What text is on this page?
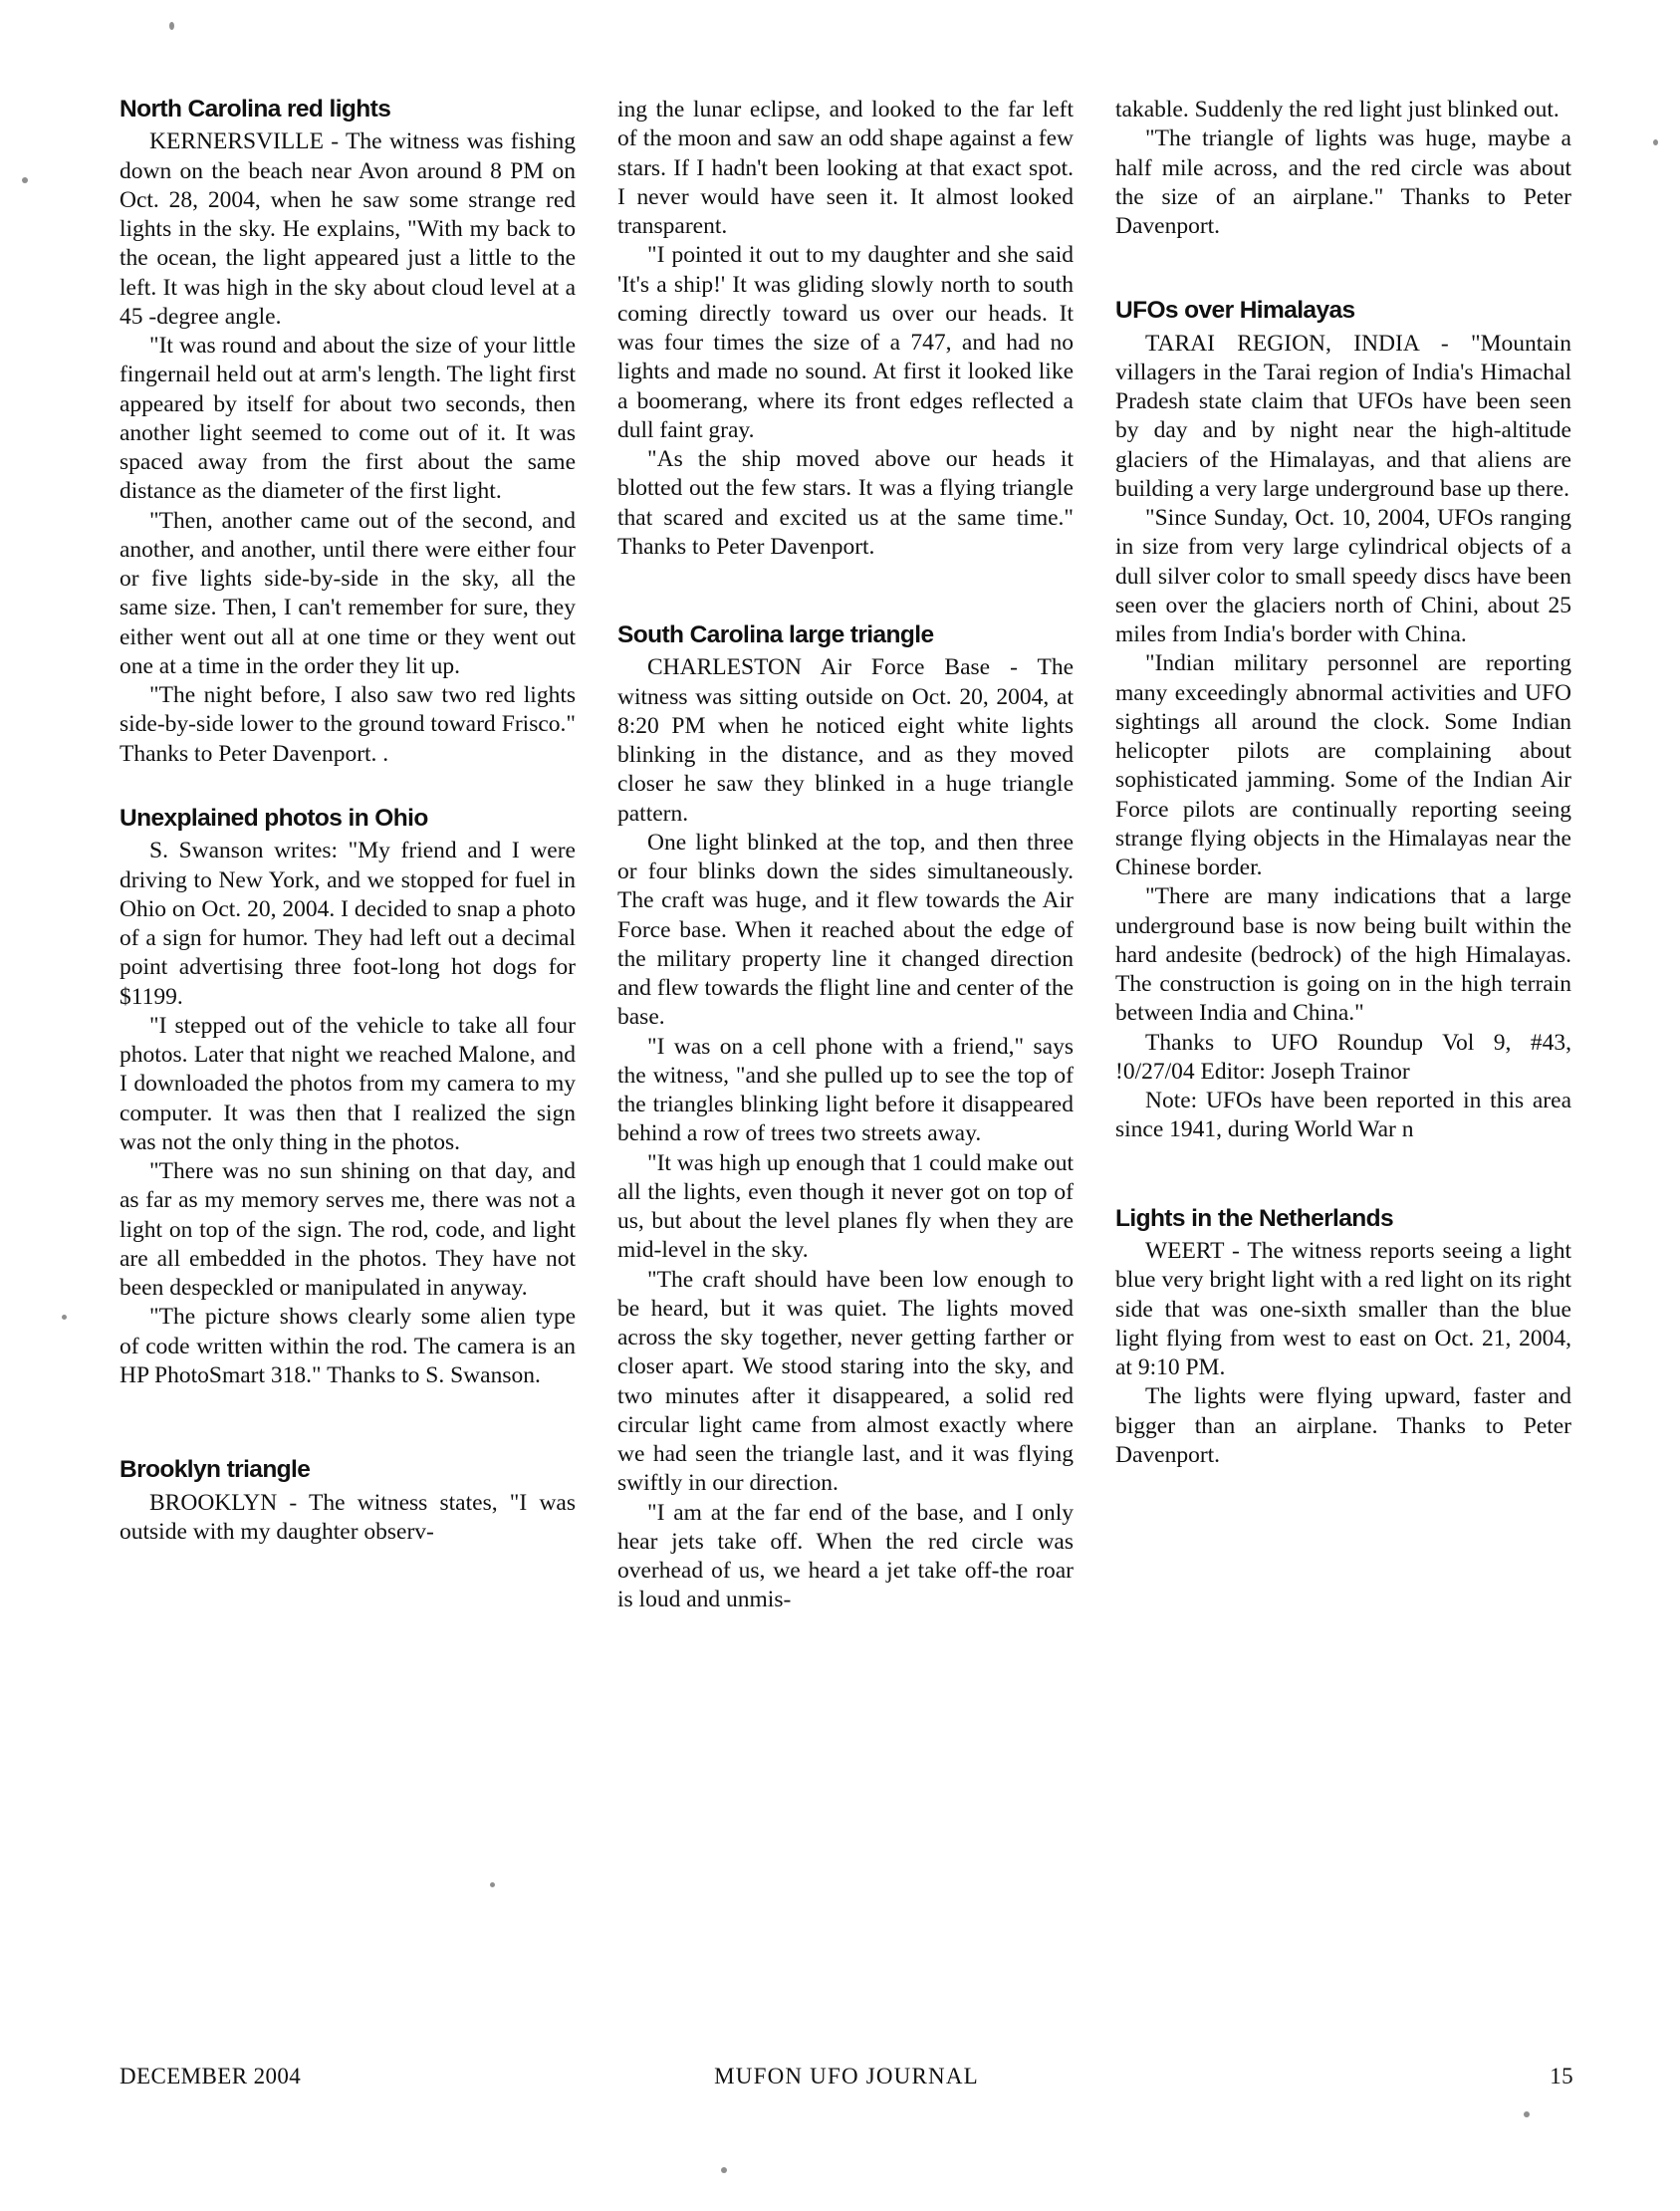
North Carolina red lights

KERNERSVILLE - The witness was fishing down on the beach near Avon around 8 PM on Oct. 28, 2004, when he saw some strange red lights in the sky. He explains, "With my back to the ocean, the light appeared just a little to the left. It was high in the sky about cloud level at a 45 -degree angle.

"It was round and about the size of your little fingernail held out at arm's length. The light first appeared by itself for about two seconds, then another light seemed to come out of it. It was spaced away from the first about the same distance as the diameter of the first light.

"Then, another came out of the second, and another, and another, until there were either four or five lights side-by-side in the sky, all the same size. Then, I can't remember for sure, they either went out all at one time or they went out one at a time in the order they lit up.

"The night before, I also saw two red lights side-by-side lower to the ground toward Frisco." Thanks to Peter Davenport. .

Unexplained photos in Ohio

S. Swanson writes: "My friend and I were driving to New York, and we stopped for fuel in Ohio on Oct. 20, 2004. I decided to snap a photo of a sign for humor. They had left out a decimal point advertising three foot-long hot dogs for $1199.

"I stepped out of the vehicle to take all four photos. Later that night we reached Malone, and I downloaded the photos from my camera to my computer. It was then that I realized the sign was not the only thing in the photos.

"There was no sun shining on that day, and as far as my memory serves me, there was not a light on top of the sign. The rod, code, and light are all embedded in the photos. They have not been despeckled or manipulated in anyway.

"The picture shows clearly some alien type of code written within the rod. The camera is an HP PhotoSmart 318." Thanks to S. Swanson.

Brooklyn triangle

BROOKLYN - The witness states, "I was outside with my daughter observ-

ing the lunar eclipse, and looked to the far left of the moon and saw an odd shape against a few stars. If I hadn't been looking at that exact spot. I never would have seen it. It almost looked transparent.

"I pointed it out to my daughter and she said 'It's a ship!' It was gliding slowly north to south coming directly toward us over our heads. It was four times the size of a 747, and had no lights and made no sound. At first it looked like a boomerang, where its front edges reflected a dull faint gray.

"As the ship moved above our heads it blotted out the few stars. It was a flying triangle that scared and excited us at the same time." Thanks to Peter Davenport.

South Carolina large triangle

CHARLESTON Air Force Base - The witness was sitting outside on Oct. 20, 2004, at 8:20 PM when he noticed eight white lights blinking in the distance, and as they moved closer he saw they blinked in a huge triangle pattern.

One light blinked at the top, and then three or four blinks down the sides simultaneously. The craft was huge, and it flew towards the Air Force base. When it reached about the edge of the military property line it changed direction and flew towards the flight line and center of the base.

"I was on a cell phone with a friend," says the witness, "and she pulled up to see the top of the triangles blinking light before it disappeared behind a row of trees two streets away.

"It was high up enough that 1 could make out all the lights, even though it never got on top of us, but about the level planes fly when they are mid-level in the sky.

"The craft should have been low enough to be heard, but it was quiet. The lights moved across the sky together, never getting farther or closer apart. We stood staring into the sky, and two minutes after it disappeared, a solid red circular light came from almost exactly where we had seen the triangle last, and it was flying swiftly in our direction.

"I am at the far end of the base, and I only hear jets take off. When the red circle was overhead of us, we heard a jet take off-the roar is loud and unmis-

takable. Suddenly the red light just blinked out.

"The triangle of lights was huge, maybe a half mile across, and the red circle was about the size of an airplane." Thanks to Peter Davenport.

UFOs over Himalayas

TARAI REGION, INDIA - "Mountain villagers in the Tarai region of India's Himachal Pradesh state claim that UFOs have been seen by day and by night near the high-altitude glaciers of the Himalayas, and that aliens are building a very large underground base up there.

"Since Sunday, Oct. 10, 2004, UFOs ranging in size from very large cylindrical objects of a dull silver color to small speedy discs have been seen over the glaciers north of Chini, about 25 miles from India's border with China.

"Indian military personnel are reporting many exceedingly abnormal activities and UFO sightings all around the clock. Some Indian helicopter pilots are complaining about sophisticated jamming. Some of the Indian Air Force pilots are continually reporting seeing strange flying objects in the Himalayas near the Chinese border.

"There are many indications that a large underground base is now being built within the hard andesite (bedrock) of the high Himalayas. The construction is going on in the high terrain between India and China."

Thanks to UFO Roundup Vol 9, #43, !0/27/04 Editor: Joseph Trainor

Note: UFOs have been reported in this area since 1941, during World War n

Lights in the Netherlands

WEERT - The witness reports seeing a light blue very bright light with a red light on its right side that was one-sixth smaller than the blue light flying from west to east on Oct. 21, 2004, at 9:10 PM.

The lights were flying upward, faster and bigger than an airplane. Thanks to Peter Davenport.

DECEMBER 2004	MUFON UFO JOURNAL	15
